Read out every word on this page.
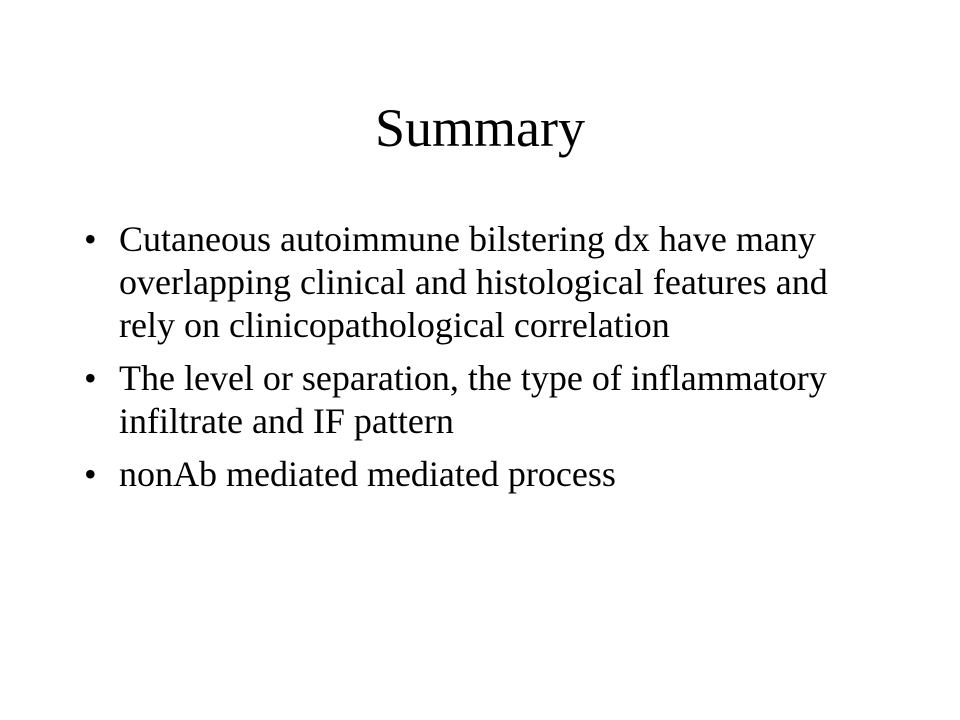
Summary
• Cutaneous autoimmune bilstering dx have many overlapping clinical and histological features and rely on clinicopathological correlation
• The level or separation, the type of inflammatory infiltrate and IF pattern
• nonAb mediated mediated process
